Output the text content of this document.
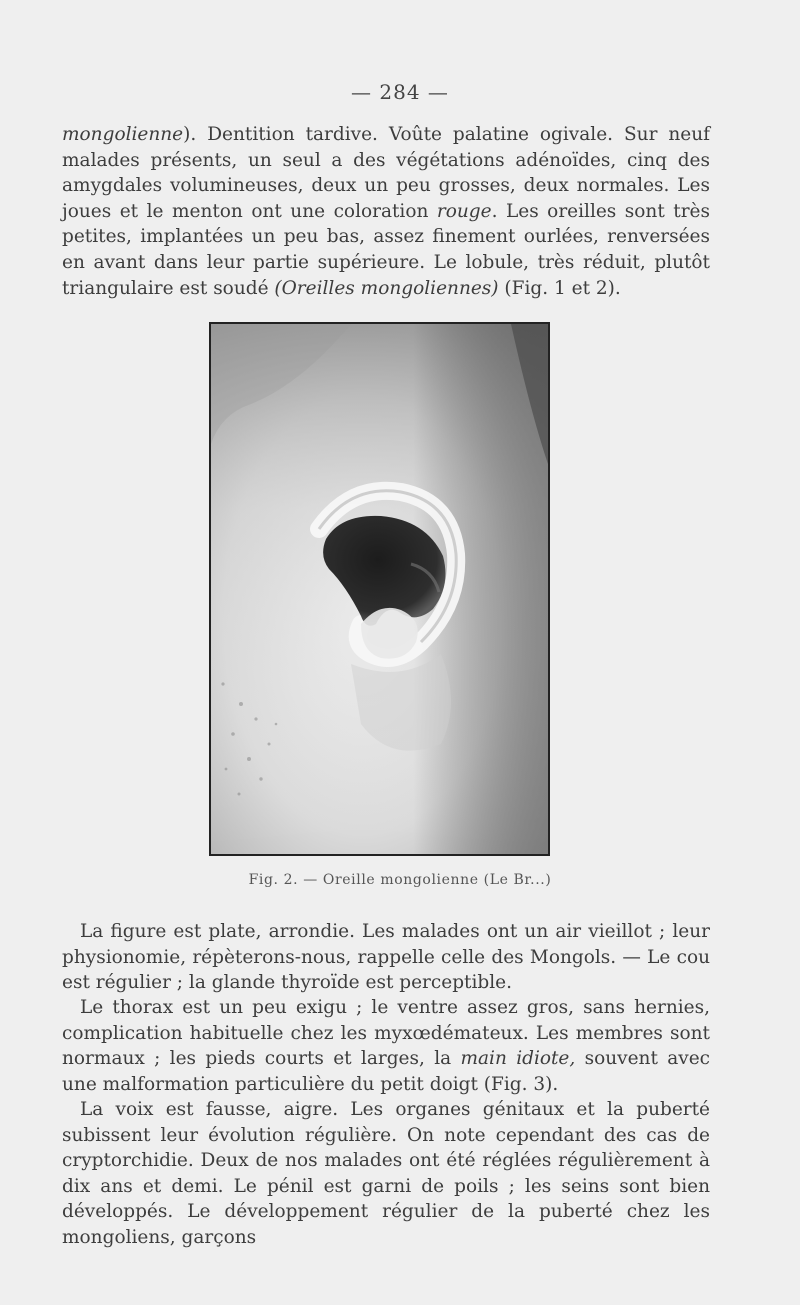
— 284 —
mongolienne). Dentition tardive. Voûte palatine ogivale. Sur neuf malades présents, un seul a des végétations adénoïdes, cinq des amygdales volumineuses, deux un peu grosses, deux normales. Les joues et le menton ont une coloration rouge. Les oreilles sont très petites, implantées un peu bas, assez finement ourlées, renversées en avant dans leur partie supérieure. Le lobule, très réduit, plutôt triangulaire est soudé (Oreilles mongoliennes) (Fig. 1 et 2).
Fig. 2. — Oreille mongolienne (Le Br...)
La figure est plate, arrondie. Les malades ont un air vieillot ; leur physionomie, répèterons-nous, rappelle celle des Mongols. — Le cou est régulier ; la glande thyroïde est perceptible.
Le thorax est un peu exigu ; le ventre assez gros, sans hernies, complication habituelle chez les myxœdémateux. Les membres sont normaux ; les pieds courts et larges, la main idiote, souvent avec une malformation particulière du petit doigt (Fig. 3).
La voix est fausse, aigre. Les organes génitaux et la puberté subissent leur évolution régulière. On note cependant des cas de cryptorchidie. Deux de nos malades ont été réglées régulièrement à dix ans et demi. Le pénil est garni de poils ; les seins sont bien développés. Le développement régulier de la puberté chez les mongoliens, garçons
